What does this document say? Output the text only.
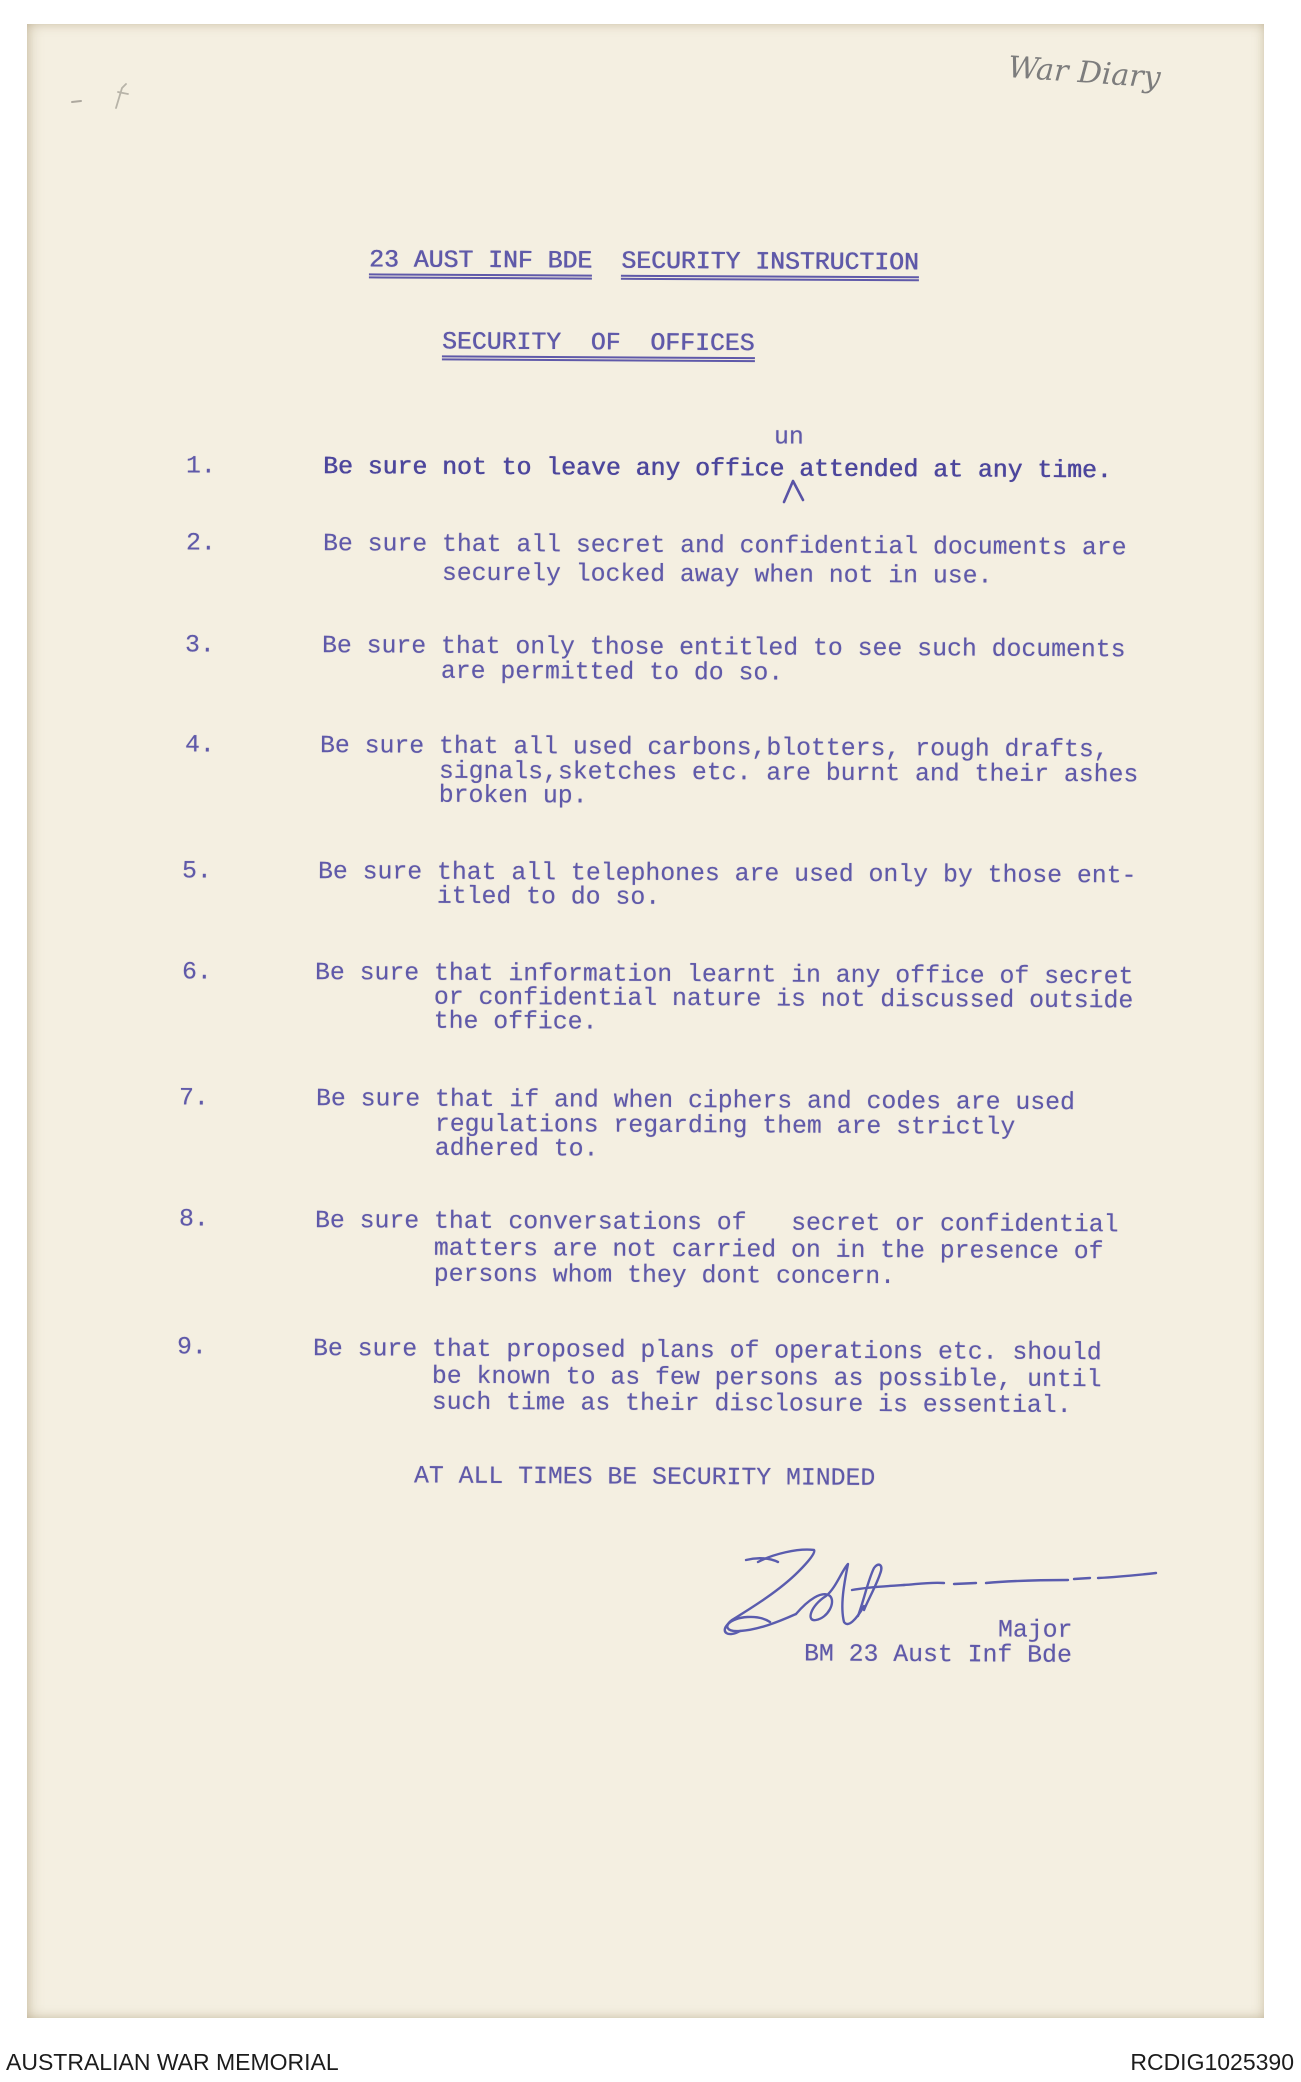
War Diary
23 AUST INF BDE SECURITY INSTRUCTION
SECURITY  OF  OFFICES
un
1.	Be sure not to leave any office attended at any time.
2.	Be sure that all secret and confidential documents are
securely locked away when not in use.
3.	Be sure that only those entitled to see such documents
are permitted to do so.
4.	Be sure that all used carbons,blotters, rough drafts,
signals,sketches etc. are burnt and their ashes
broken up.
5.	Be sure that all telephones are used only by those ent-
itled to do so.
6.	Be sure that information learnt in any office of secret
or confidential nature is not discussed outside
the office.
7.	Be sure that if and when ciphers and codes are used
regulations regarding them are strictly
adhered to.
8.	Be sure that conversations of   secret or confidential
matters are not carried on in the presence of
persons whom they dont concern.
9.	Be sure that proposed plans of operations etc. should
be known to as few persons as possible, until
such time as their disclosure is essential.
AT ALL TIMES BE SECURITY MINDED
Major
BM 23 Aust Inf Bde
AUSTRALIAN WAR MEMORIAL	RCDIG1025390
